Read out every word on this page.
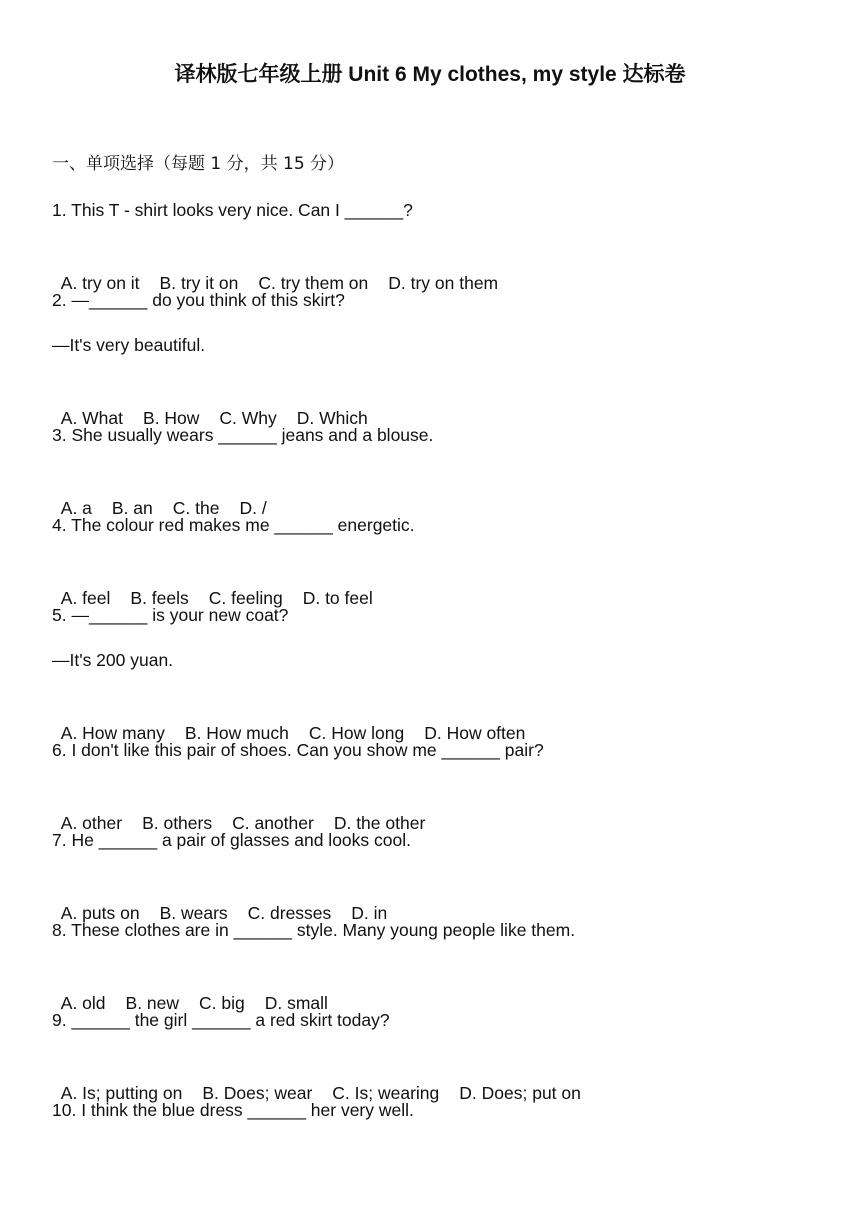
译林版七年级上册 Unit 6 My clothes, my style 达标卷
一、单项选择（每题 1 分，共 15 分）
1. This T - shirt looks very nice. Can I ______?

A. try on it B. try it on C. try them on D. try on them

2. —______ do you think of this skirt?
—It's very beautiful.

A. What B. How C. Why D. Which

3. She usually wears ______ jeans and a blouse.

A. a B. an C. the D. /

4. The colour red makes me ______ energetic.

A. feel B. feels C. feeling D. to feel

5. —______ is your new coat?
—It's 200 yuan.

A. How many B. How much C. How long D. How often

6. I don't like this pair of shoes. Can you show me ______ pair?

A. other B. others C. another D. the other

7. He ______ a pair of glasses and looks cool.

A. puts on B. wears C. dresses D. in

8. These clothes are in ______ style. Many young people like them.

A. old B. new C. big D. small

9. ______ the girl ______ a red skirt today?

A. Is; putting on B. Does; wear C. Is; wearing D. Does; put on

10. I think the blue dress ______ her very well.
